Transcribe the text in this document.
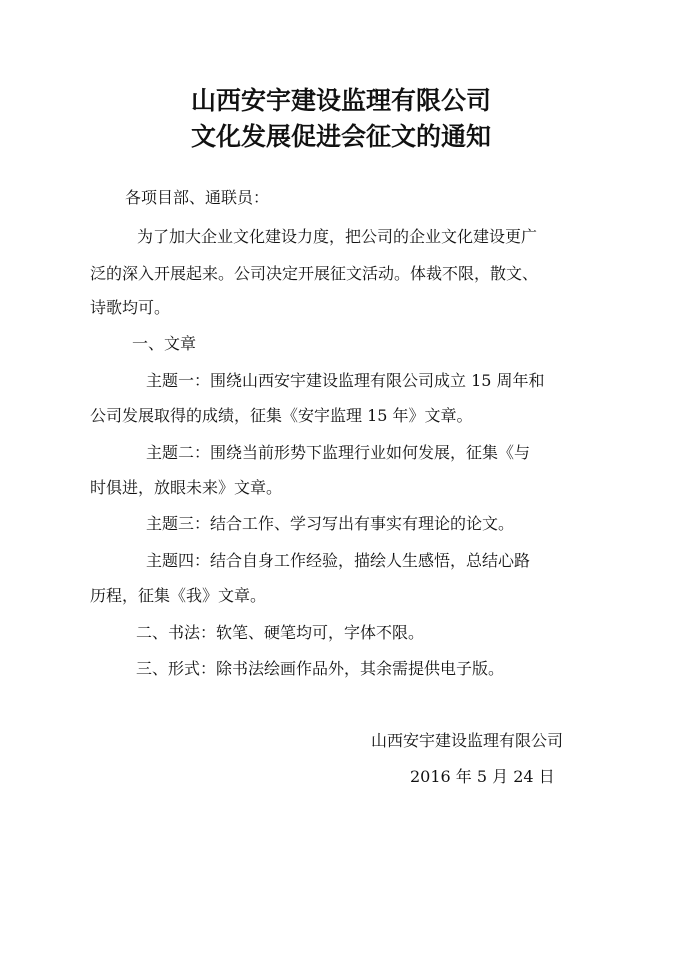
山西安宇建设监理有限公司
文化发展促进会征文的通知

各项目部、通联员：

为了加大企业文化建设力度，把公司的企业文化建设更广

泛的深入开展起来。公司决定开展征文活动。体裁不限，散文、

诗歌均可。

一、文章

主题一：围绕山西安宇建设监理有限公司成立 15 周年和

公司发展取得的成绩，征集《安宇监理 15 年》文章。

主题二：围绕当前形势下监理行业如何发展，征集《与

时俱进，放眼未来》文章。

主题三：结合工作、学习写出有事实有理论的论文。

主题四：结合自身工作经验，描绘人生感悟，总结心路

历程，征集《我》文章。

二、书法：软笔、硬笔均可，字体不限。

三、形式：除书法绘画作品外，其余需提供电子版。

山西安宇建设监理有限公司

2016 年 5 月 24 日
